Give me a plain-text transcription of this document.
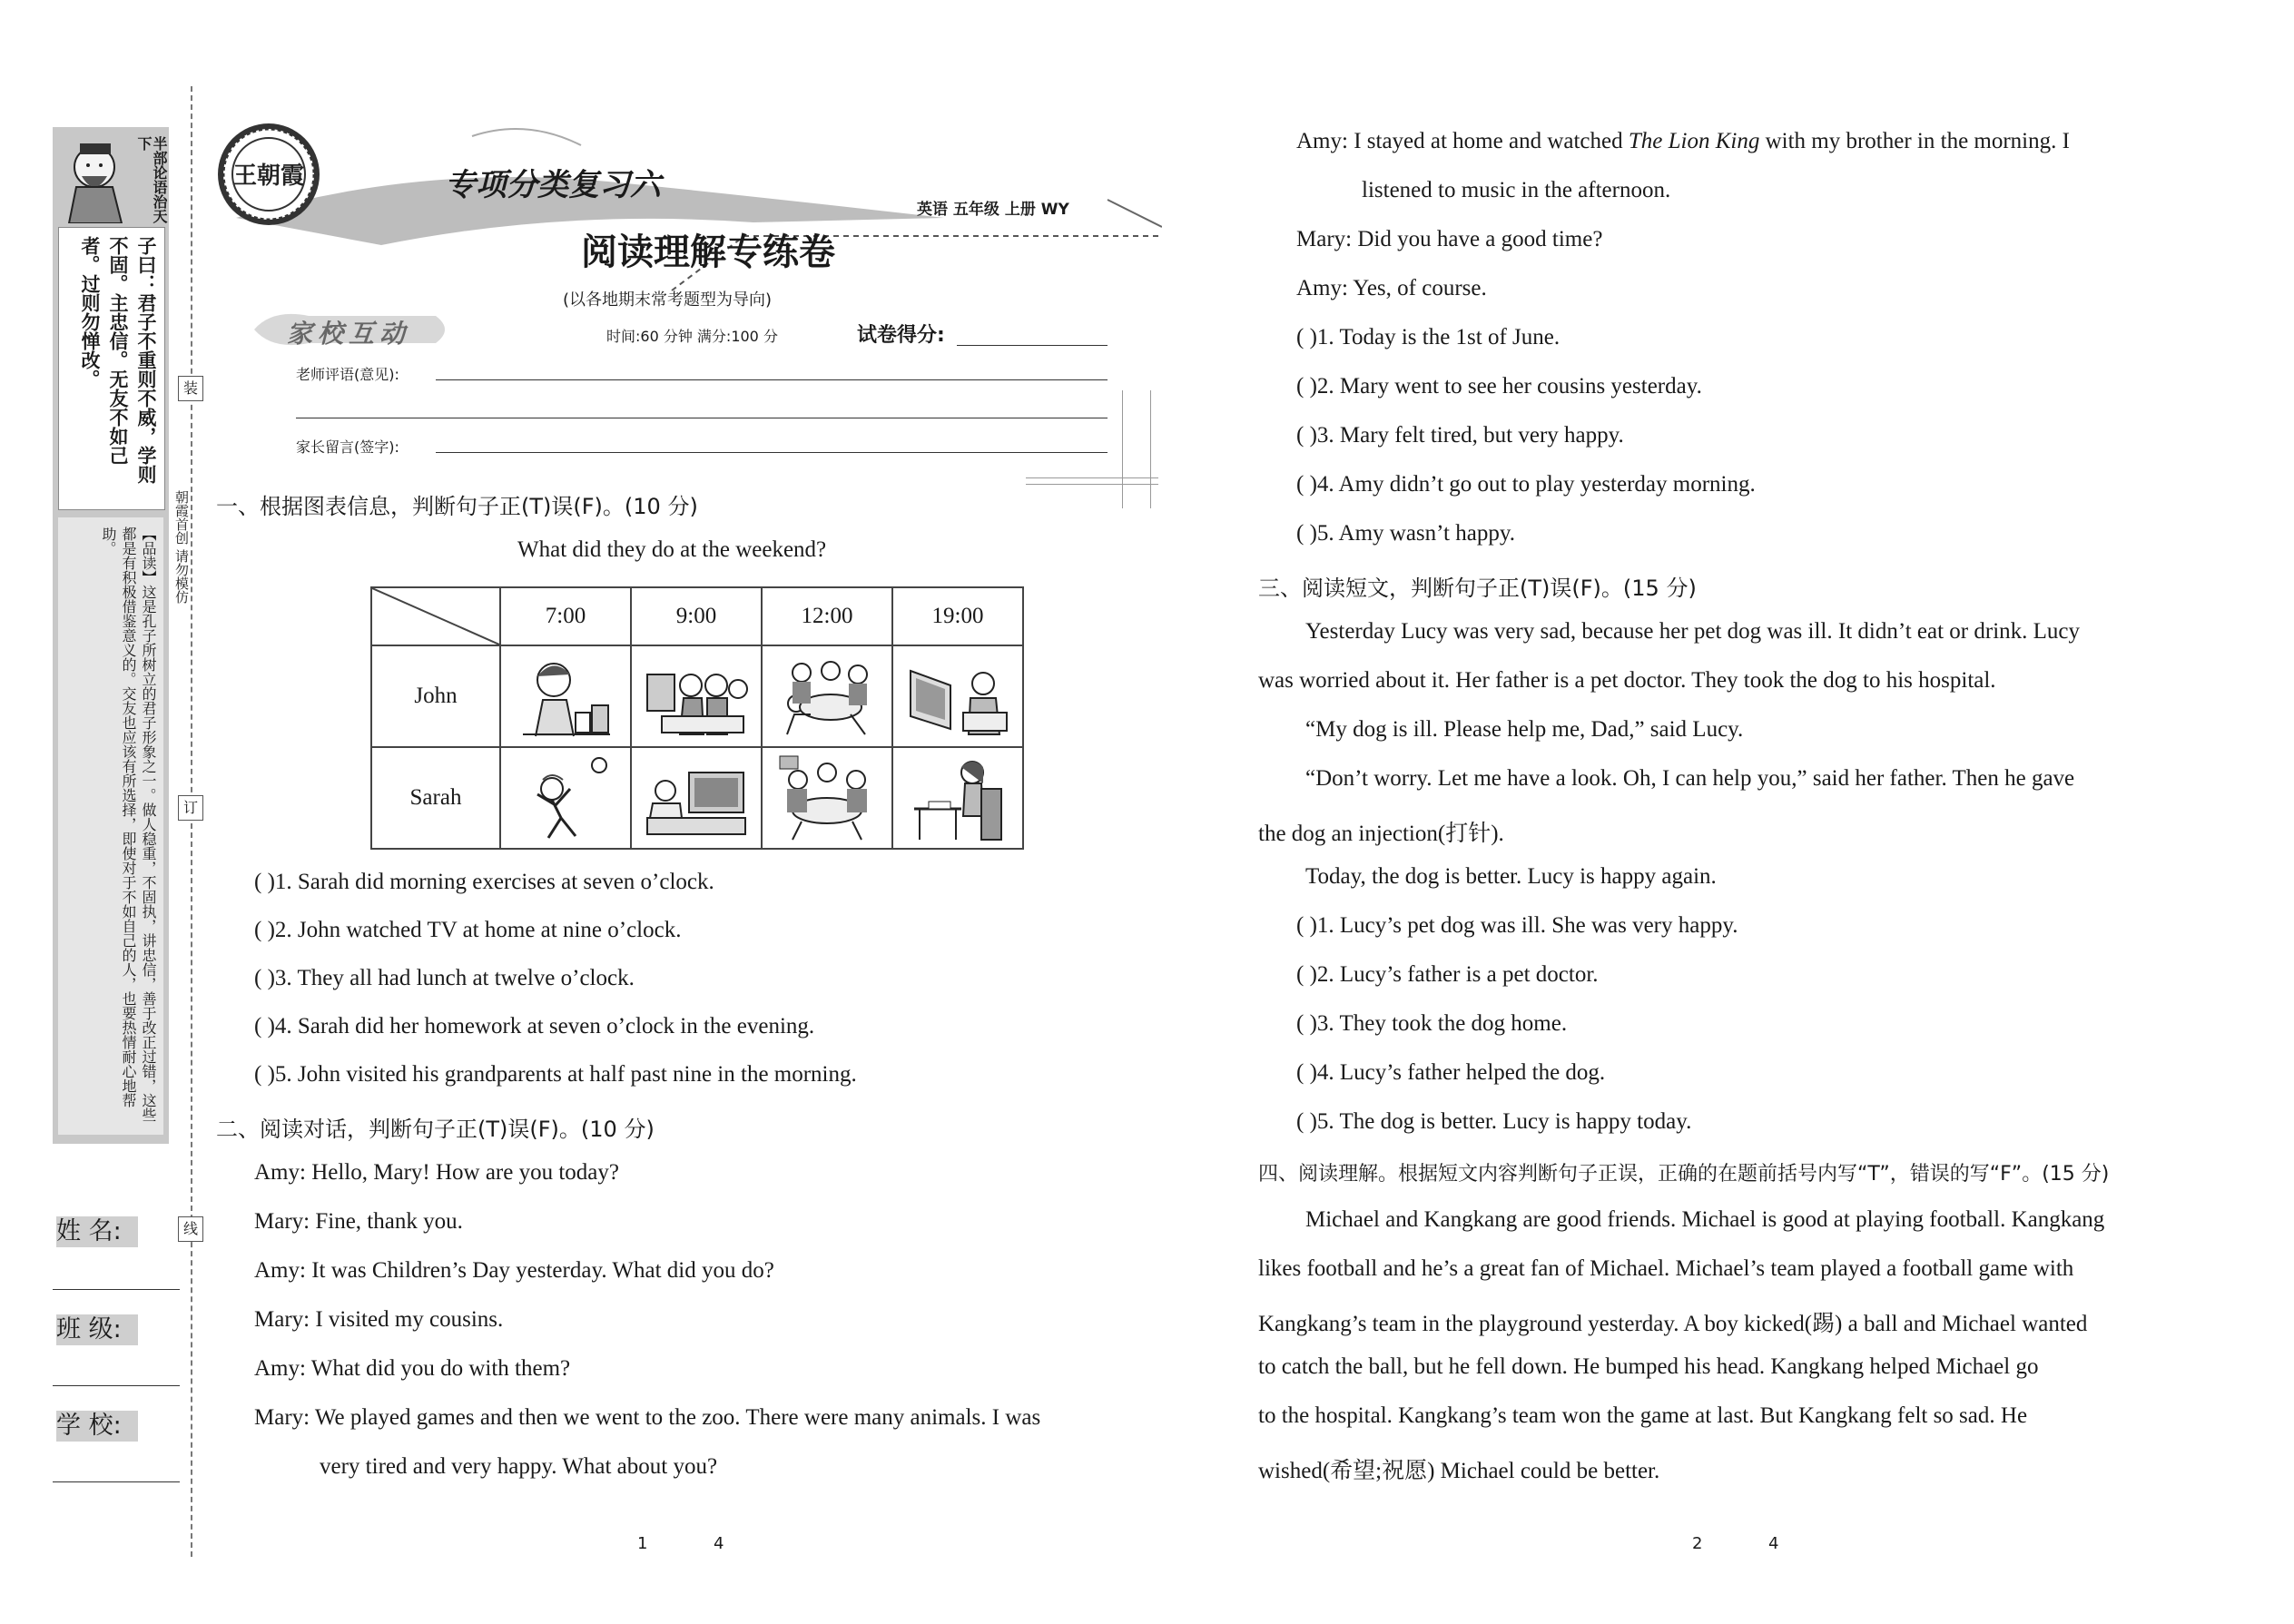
半部论语治天下
子曰：君子不重则不威，学则不固。主忠信。无友不如己者。过则勿惮改。
【品读】这是孔子所树立的君子形象之一。做人稳重，不固执，讲忠信，善于改正过错，这些都是有积极借鉴意义的。交友也应该有所选择，即使对于不如自己的人，也要热情耐心地帮助。
姓 名:
班 级:
学 校:
装
订
线
朝霞首创 请勿模仿
王朝霞	专项分类复习六
英语 五年级 上册 WY
阅读理解专练卷
(以各地期末常考题型为导向)
家校互动	时间:60 分钟 满分:100 分	试卷得分:
老师评语(意见):
家长留言(签字):
一、根据图表信息，判断句子正(T)误(F)。(10 分)
What did they do at the weekend?
	7:00	9:00	12:00	19:00
John	

Sarah	

( )1. Sarah did morning exercises at seven o’clock.
( )2. John watched TV at home at nine o’clock.
( )3. They all had lunch at twelve o’clock.
( )4. Sarah did her homework at seven o’clock in the evening.
( )5. John visited his grandparents at half past nine in the morning.
二、阅读对话，判断句子正(T)误(F)。(10 分)
Amy: Hello, Mary! How are you today?
Mary: Fine, thank you.
Amy: It was Children’s Day yesterday. What did you do?
Mary: I visited my cousins.
Amy: What did you do with them?
Mary: We played games and then we went to the zoo. There were many animals. I was
very tired and very happy. What about you?
1	4
Amy: I stayed at home and watched The Lion King with my brother in the morning. I
listened to music in the afternoon.
Mary: Did you have a good time?
Amy: Yes, of course.
( )1. Today is the 1st of June.
( )2. Mary went to see her cousins yesterday.
( )3. Mary felt tired, but very happy.
( )4. Amy didn’t go out to play yesterday morning.
( )5. Amy wasn’t happy.
三、阅读短文，判断句子正(T)误(F)。(15 分)
Yesterday Lucy was very sad, because her pet dog was ill. It didn’t eat or drink. Lucy
was worried about it. Her father is a pet doctor. They took the dog to his hospital.
“My dog is ill. Please help me, Dad,” said Lucy.
“Don’t worry. Let me have a look. Oh, I can help you,” said her father. Then he gave
the dog an injection(打针).
Today, the dog is better. Lucy is happy again.
( )1. Lucy’s pet dog was ill. She was very happy.
( )2. Lucy’s father is a pet doctor.
( )3. They took the dog home.
( )4. Lucy’s father helped the dog.
( )5. The dog is better. Lucy is happy today.
四、阅读理解。根据短文内容判断句子正误，正确的在题前括号内写“T”，错误的写“F”。(15 分)
Michael and Kangkang are good friends. Michael is good at playing football. Kangkang
likes football and he’s a great fan of Michael. Michael’s team played a football game with
Kangkang’s team in the playground yesterday. A boy kicked(踢) a ball and Michael wanted
to catch the ball, but he fell down. He bumped his head. Kangkang helped Michael go
to the hospital. Kangkang’s team won the game at last. But Kangkang felt so sad. He
wished(希望;祝愿) Michael could be better.
2	4
